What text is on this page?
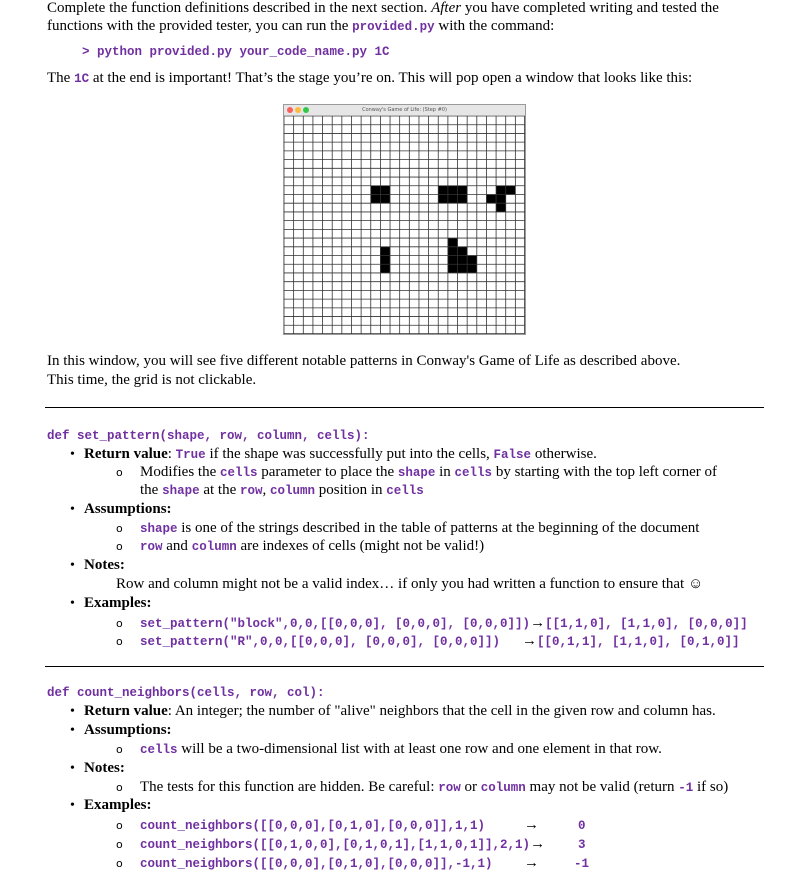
Complete the function definitions described in the next section. After you have completed writing and tested the
functions with the provided tester, you can run the provided.py with the command:
> python provided.py your_code_name.py 1C
The 1C at the end is important! That’s the stage you’re on. This will pop open a window that looks like this:
Conway's Game of Life: (Step #0)
In this window, you will see five different notable patterns in Conway's Game of Life as described above.
This time, the grid is not clickable.
def set_pattern(shape, row, column, cells):
• Return value: True if the shape was successfully put into the cells, False otherwise.
o Modifies the cells parameter to place the shape in cells by starting with the top left corner of
the shape at the row, column position in cells
• Assumptions:
o shape is one of the strings described in the table of patterns at the beginning of the document
o row and column are indexes of cells (might not be valid!)
• Notes:
Row and column might not be a valid index… if only you had written a function to ensure that ☺
• Examples:
o set_pattern("block",0,0,[[0,0,0], [0,0,0], [0,0,0]])→[[1,1,0], [1,1,0], [0,0,0]]
o set_pattern("R",0,0,[[0,0,0], [0,0,0], [0,0,0]]) →[[0,1,1], [1,1,0], [0,1,0]]
def count_neighbors(cells, row, col):
• Return value: An integer; the number of "alive" neighbors that the cell in the given row and column has.
• Assumptions:
o cells will be a two-dimensional list with at least one row and one element in that row.
• Notes:
o The tests for this function are hidden. Be careful: row or column may not be valid (return -1 if so)
• Examples:
o count_neighbors([[0,0,0],[0,1,0],[0,0,0]],1,1)	→	0
o count_neighbors([[0,1,0,0],[0,1,0,1],[1,1,0,1]],2,1)→	3
o count_neighbors([[0,0,0],[0,1,0],[0,0,0]],-1,1) →	-1
